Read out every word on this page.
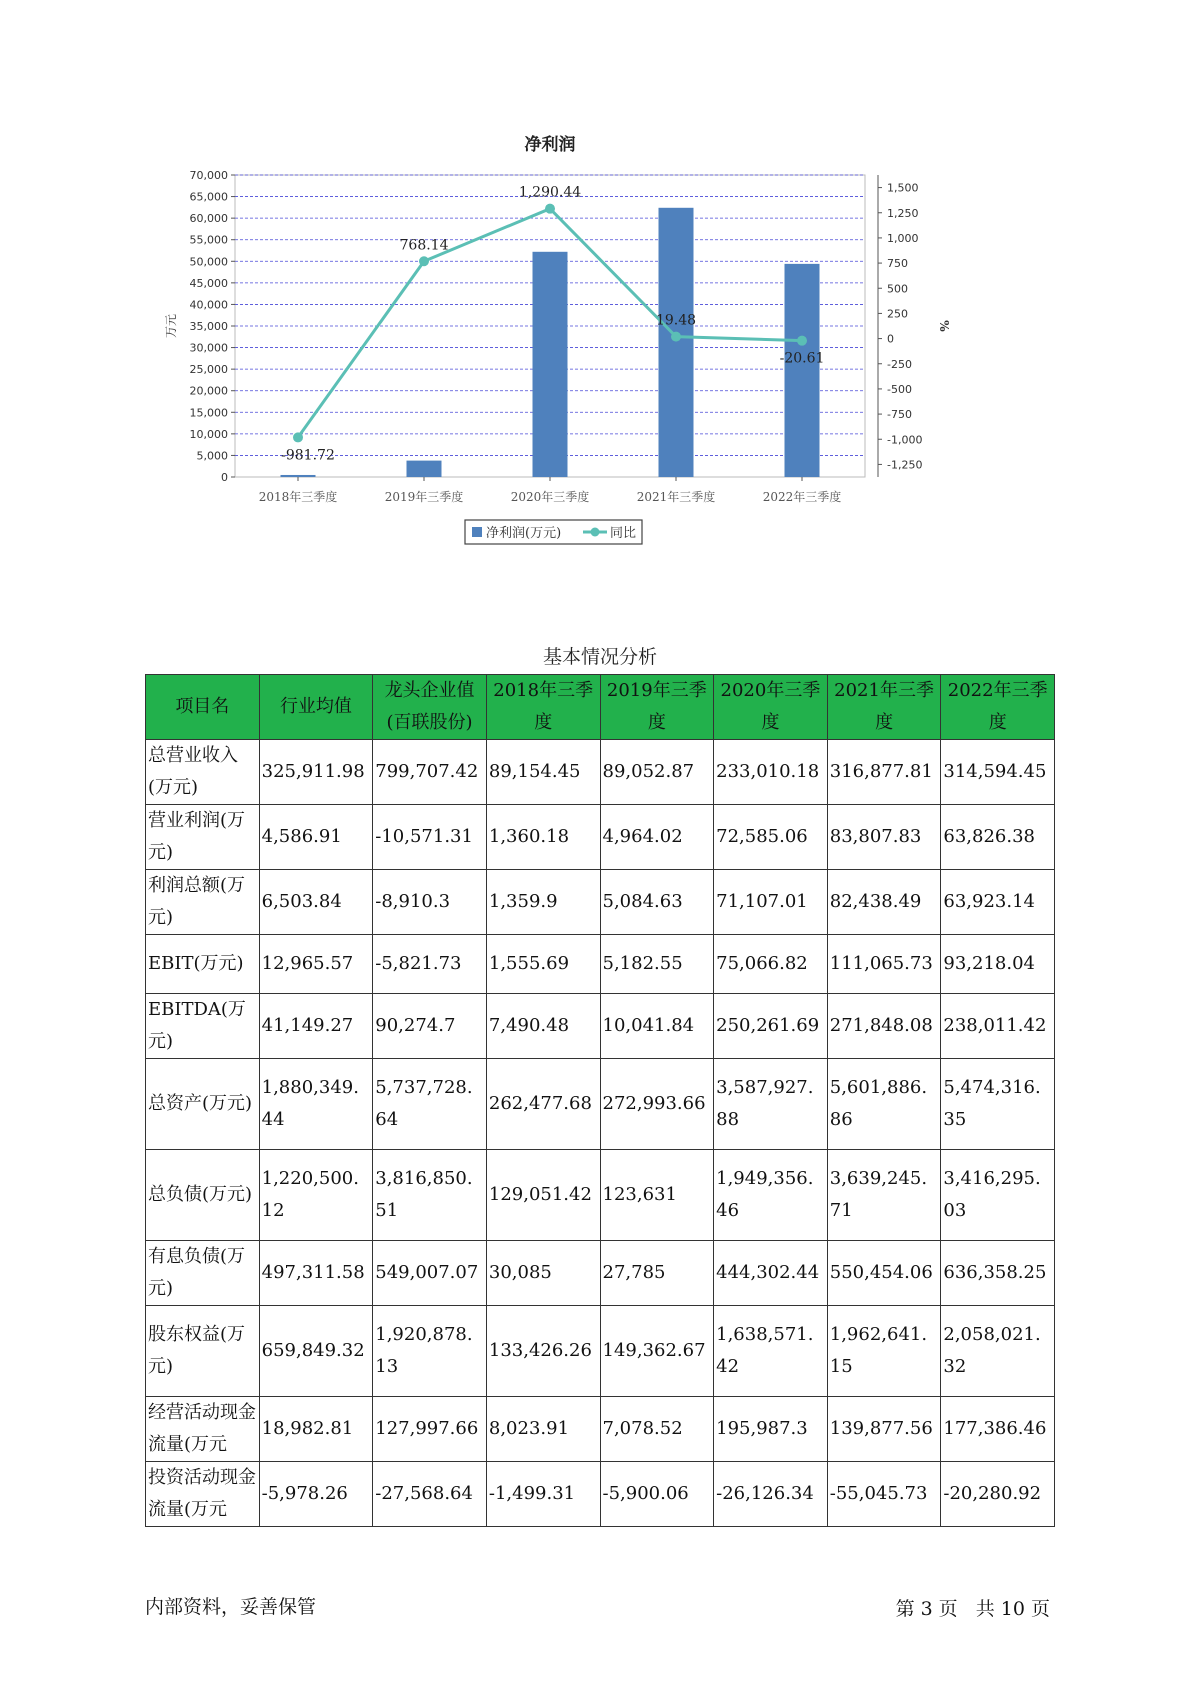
净利润
0
5,000
10,000
15,000
20,000
25,000
30,000
35,000
40,000
45,000
50,000
55,000
60,000
65,000
70,000
万元
-1,250
-1,000
-750
-500
-250
0
250
500
750
1,000
1,250
1,500
%
2018年三季度	2019年三季度	2020年三季度	2021年三季度	2022年三季度
-981.72
768.14
1,290.44
19.48
-20.61
净利润(万元)	同比
基本情况分析
项目名	行业均值	龙头企业值(百联股份)	2018年三季度	2019年三季度	2020年三季度	2021年三季度	2022年三季度
总营业收入(万元)	325,911.98	799,707.42	89,154.45	89,052.87	233,010.18	316,877.81	314,594.45
营业利润(万元)	4,586.91	-10,571.31	1,360.18	4,964.02	72,585.06	83,807.83	63,826.38
利润总额(万元)	6,503.84	-8,910.3	1,359.9	5,084.63	71,107.01	82,438.49	63,923.14
EBIT(万元)	12,965.57	-5,821.73	1,555.69	5,182.55	75,066.82	111,065.73	93,218.04
EBITDA(万元)	41,149.27	90,274.7	7,490.48	10,041.84	250,261.69	271,848.08	238,011.42
总资产(万元)	1,880,349.44	5,737,728.64	262,477.68	272,993.66	3,587,927.88	5,601,886.86	5,474,316.35
总负债(万元)	1,220,500.12	3,816,850.51	129,051.42	123,631	1,949,356.46	3,639,245.71	3,416,295.03
有息负债(万元)	497,311.58	549,007.07	30,085	27,785	444,302.44	550,454.06	636,358.25
股东权益(万元)	659,849.32	1,920,878.13	133,426.26	149,362.67	1,638,571.42	1,962,641.15	2,058,021.32
经营活动现金流量(万元	18,982.81	127,997.66	8,023.91	7,078.52	195,987.3	139,877.56	177,386.46
投资活动现金流量(万元	-5,978.26	-27,568.64	-1,499.31	-5,900.06	-26,126.34	-55,045.73	-20,280.92
内部资料，妥善保管	第 3 页 共 10 页
